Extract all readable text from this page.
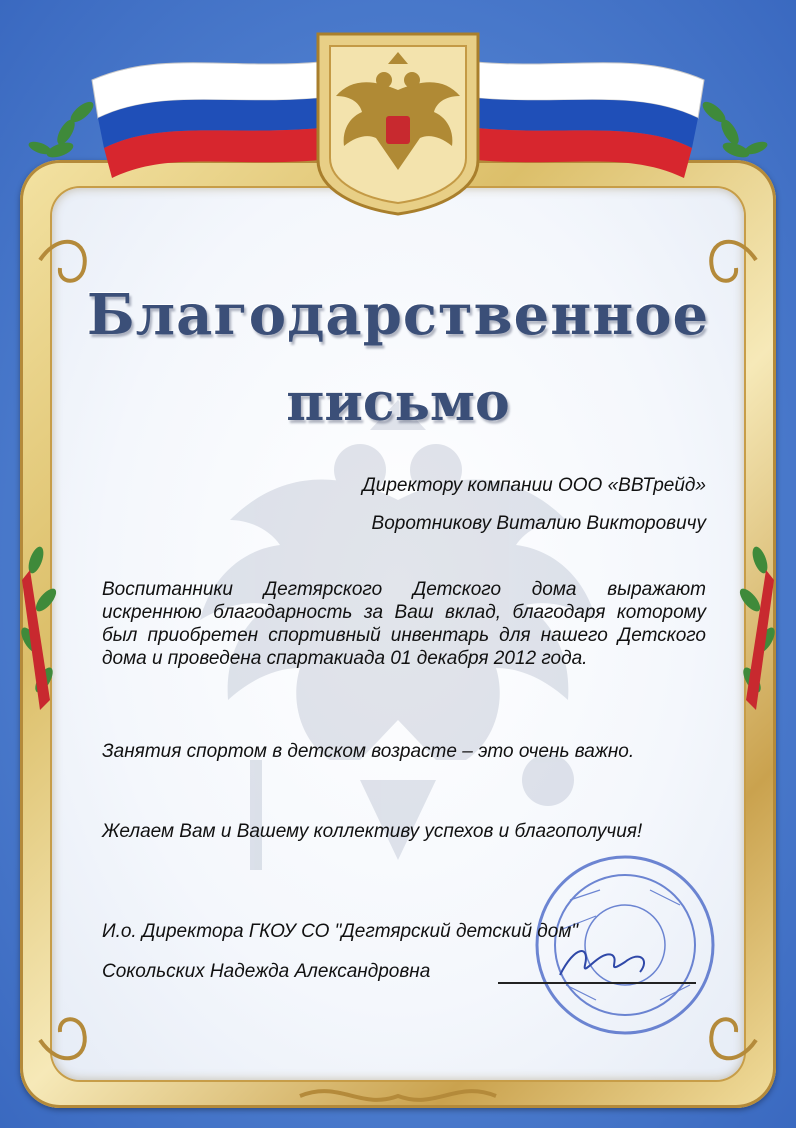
Благодарственное
письмо
Директору компании ООО «ВВТрейд»
Воротникову Виталию Викторовичу
Воспитанники Дегтярского Детского дома выражают искреннюю благодарность за Ваш вклад, благодаря которому был приобретен спортивный инвентарь для нашего Детского дома и проведена спартакиада 01 декабря 2012 года.
Занятия спортом в детском возрасте – это очень важно.
Желаем Вам и Вашему коллективу успехов и благополучия!
И.о. Директора ГКОУ СО "Дегтярский детский дом"
Сокольских Надежда Александровна
